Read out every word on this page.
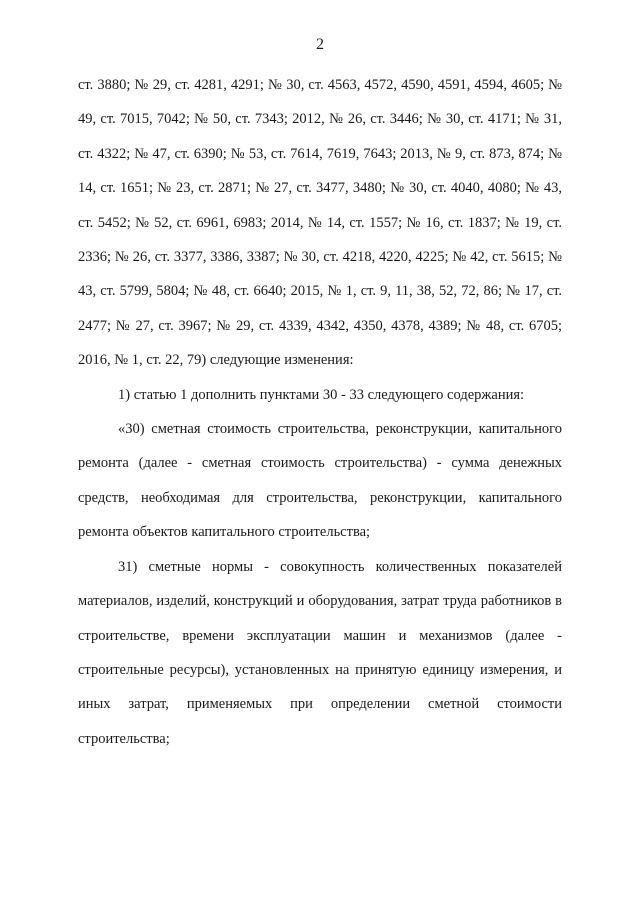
2

ст. 3880; № 29, ст. 4281, 4291; № 30, ст. 4563, 4572, 4590, 4591, 4594, 4605; № 49, ст. 7015, 7042; № 50, ст. 7343; 2012, № 26, ст. 3446; № 30, ст. 4171; № 31, ст. 4322; № 47, ст. 6390; № 53, ст. 7614, 7619, 7643; 2013, № 9, ст. 873, 874; № 14, ст. 1651; № 23, ст. 2871; № 27, ст. 3477, 3480; № 30, ст. 4040, 4080; № 43, ст. 5452; № 52, ст. 6961, 6983; 2014, № 14, ст. 1557; № 16, ст. 1837; № 19, ст. 2336; № 26, ст. 3377, 3386, 3387; № 30, ст. 4218, 4220, 4225; № 42, ст. 5615; № 43, ст. 5799, 5804; № 48, ст. 6640; 2015, № 1, ст. 9, 11, 38, 52, 72, 86; № 17, ст. 2477; № 27, ст. 3967; № 29, ст. 4339, 4342, 4350, 4378, 4389; № 48, ст. 6705; 2016, № 1, ст. 22, 79) следующие изменения:

1) статью 1 дополнить пунктами 30 - 33 следующего содержания:

«30) сметная стоимость строительства, реконструкции, капитального ремонта (далее - сметная стоимость строительства) - сумма денежных средств, необходимая для строительства, реконструкции, капитального ремонта объектов капитального строительства;

31) сметные нормы - совокупность количественных показателей материалов, изделий, конструкций и оборудования, затрат труда работников в строительстве, времени эксплуатации машин и механизмов (далее - строительные ресурсы), установленных на принятую единицу измерения, и иных затрат, применяемых при определении сметной стоимости строительства;
